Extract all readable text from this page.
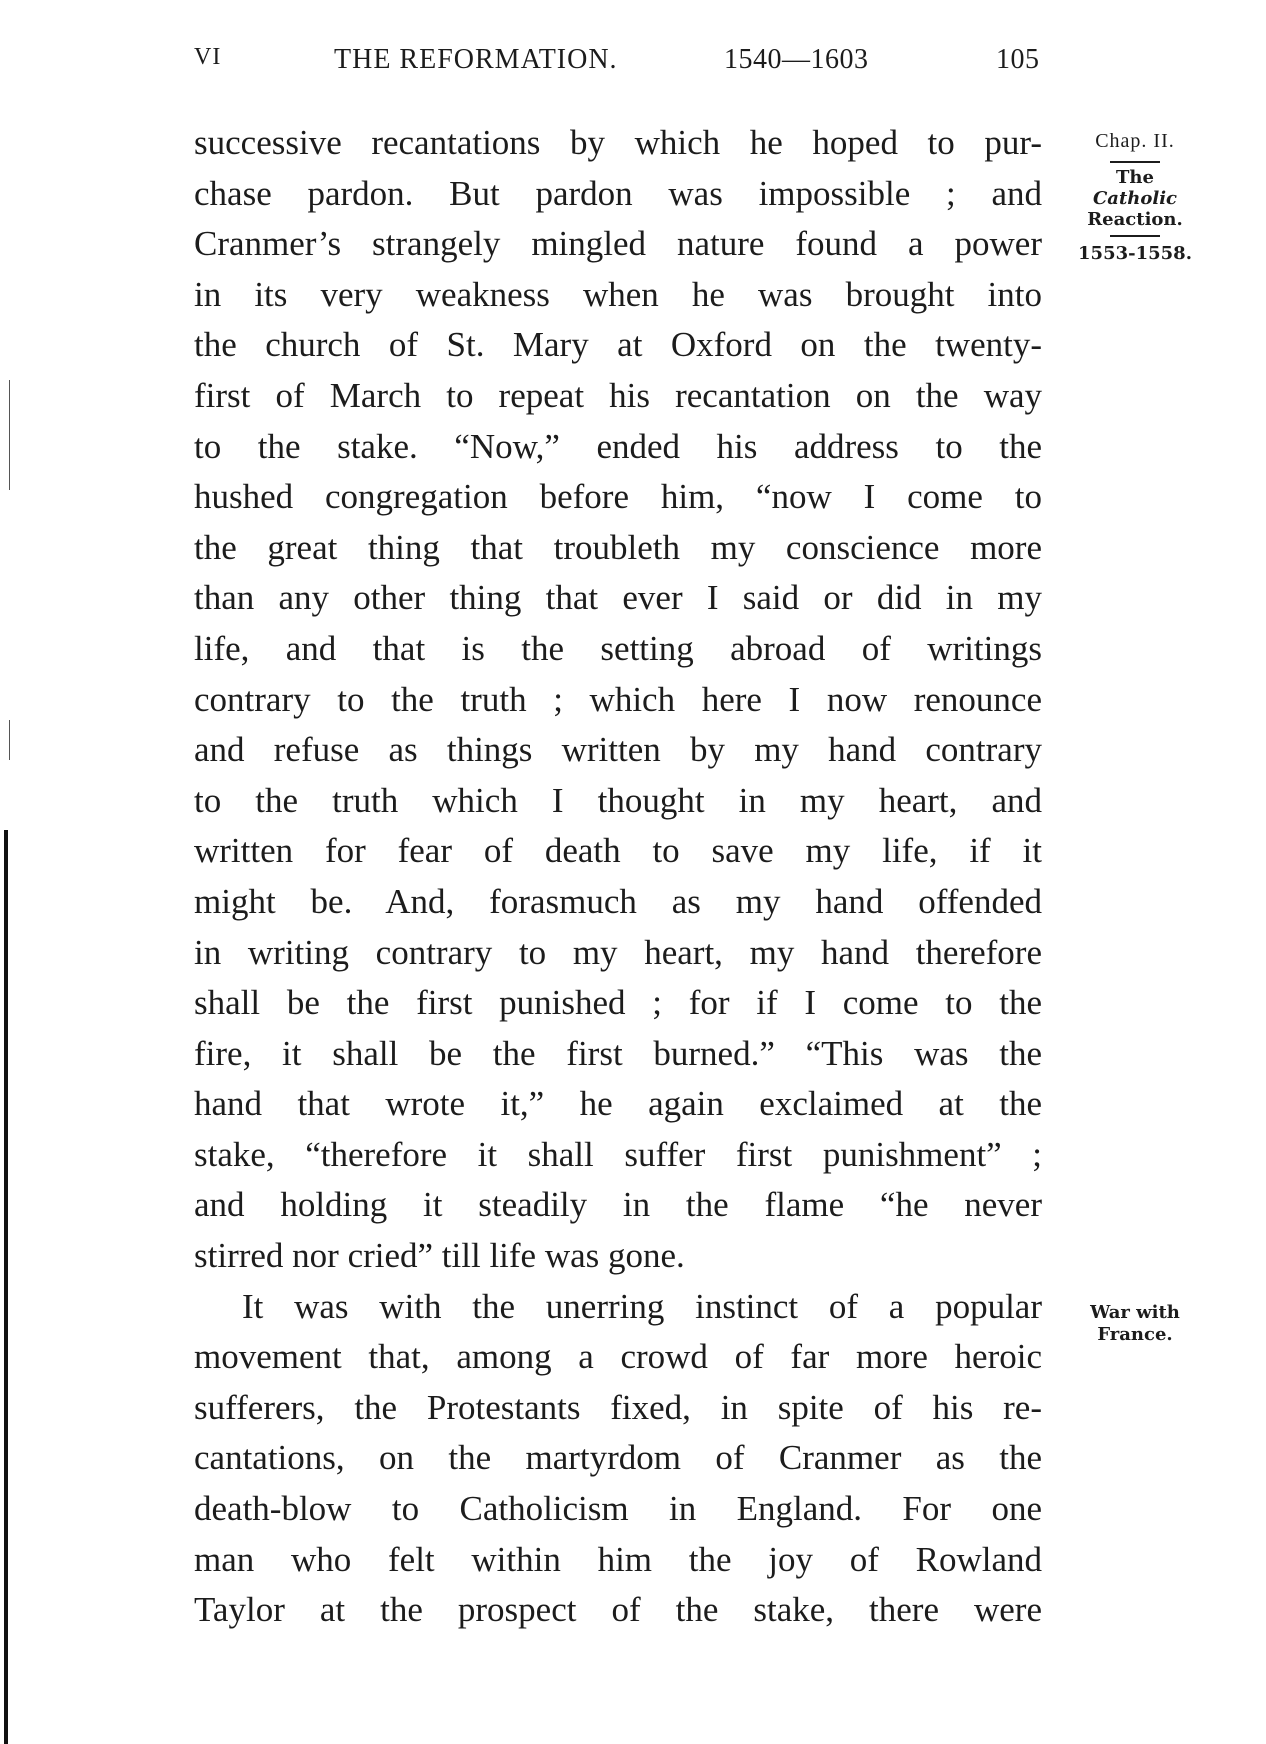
VI	THE REFORMATION.	1540—1603	105
successive recantations by which he hoped to pur-
chase pardon. But pardon was impossible ; and
Cranmer’s strangely mingled nature found a power
in its very weakness when he was brought into
the church of St. Mary at Oxford on the twenty-
first of March to repeat his recantation on the way
to the stake. “Now,” ended his address to the
hushed congregation before him, “now I come to
the great thing that troubleth my conscience more
than any other thing that ever I said or did in my
life, and that is the setting abroad of writings
contrary to the truth ; which here I now renounce
and refuse as things written by my hand contrary
to the truth which I thought in my heart, and
written for fear of death to save my life, if it
might be. And, forasmuch as my hand offended
in writing contrary to my heart, my hand therefore
shall be the first punished ; for if I come to the
fire, it shall be the first burned.” “This was the
hand that wrote it,” he again exclaimed at the
stake, “therefore it shall suffer first punishment” ;
and holding it steadily in the flame “he never
stirred nor cried” till life was gone.
It was with the unerring instinct of a popular
movement that, among a crowd of far more heroic
sufferers, the Protestants fixed, in spite of his re-
cantations, on the martyrdom of Cranmer as the
death-blow to Catholicism in England. For one
man who felt within him the joy of Rowland
Taylor at the prospect of the stake, there were
Chap. II.
The
Catholic
Reaction.
1553-1558.
War with
France.
